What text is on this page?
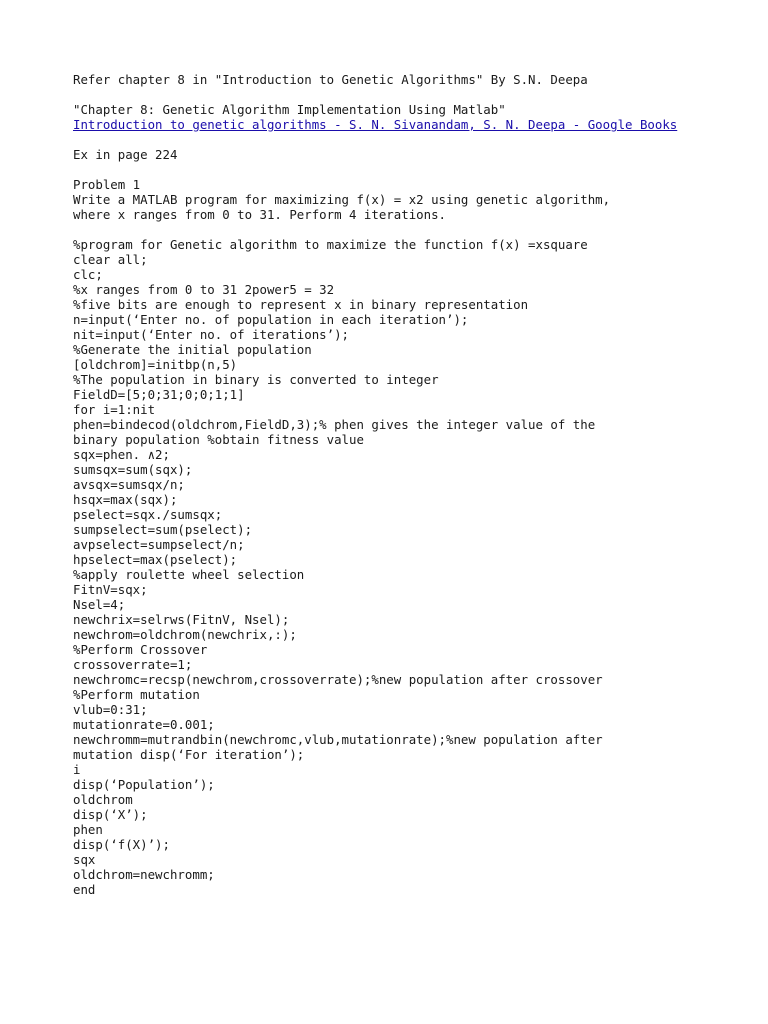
Refer chapter 8 in "Introduction to Genetic Algorithms" By S.N. Deepa
"Chapter 8: Genetic Algorithm Implementation Using Matlab"
Introduction to genetic algorithms - S. N. Sivanandam, S. N. Deepa - Google Books
Ex in page 224
Problem 1
Write a MATLAB program for maximizing f(x) = x2 using genetic algorithm,
where x ranges from 0 to 31. Perform 4 iterations.
%program for Genetic algorithm to maximize the function f(x) =xsquare
clear all;
clc;
%x ranges from 0 to 31 2power5 = 32
%five bits are enough to represent x in binary representation
n=input(‘Enter no. of population in each iteration’);
nit=input(‘Enter no. of iterations’);
%Generate the initial population
[oldchrom]=initbp(n,5)
%The population in binary is converted to integer
FieldD=[5;0;31;0;0;1;1]
for i=1:nit
phen=bindecod(oldchrom,FieldD,3);% phen gives the integer value of the
binary population %obtain fitness value
sqx=phen. ∧2;
sumsqx=sum(sqx);
avsqx=sumsqx/n;
hsqx=max(sqx);
pselect=sqx./sumsqx;
sumpselect=sum(pselect);
avpselect=sumpselect/n;
hpselect=max(pselect);
%apply roulette wheel selection
FitnV=sqx;
Nsel=4;
newchrix=selrws(FitnV, Nsel);
newchrom=oldchrom(newchrix,:);
%Perform Crossover
crossoverrate=1;
newchromc=recsp(newchrom,crossoverrate);%new population after crossover
%Perform mutation
vlub=0:31;
mutationrate=0.001;
newchromm=mutrandbin(newchromc,vlub,mutationrate);%new population after
mutation disp(‘For iteration’);
i
disp(‘Population’);
oldchrom
disp(‘X’);
phen
disp(‘f(X)’);
sqx
oldchrom=newchromm;
end
